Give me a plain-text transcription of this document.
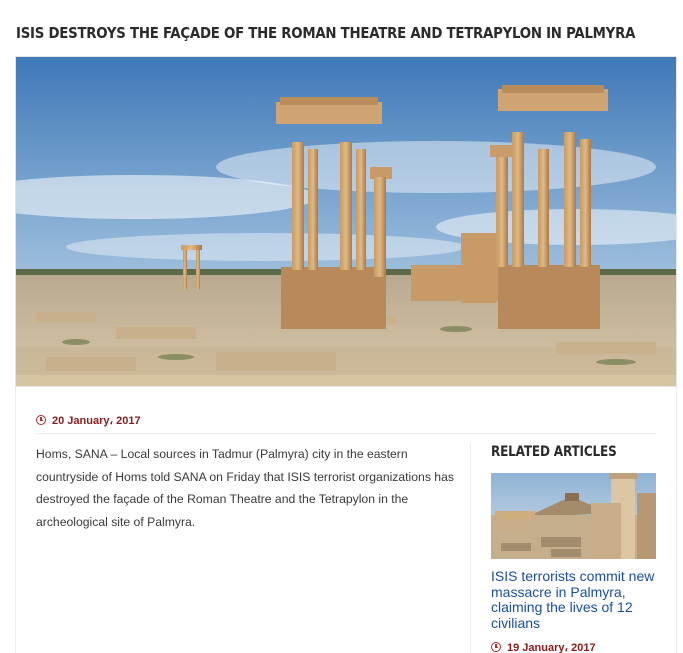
ISIS DESTROYS THE FAÇADE OF THE ROMAN THEATRE AND TETRAPYLON IN PALMYRA
20 January، 2017

Homs, SANA – Local sources in Tadmur (Palmyra) city in the eastern countryside of Homs told SANA on Friday that ISIS terrorist organizations has destroyed the façade of the Roman Theatre and the Tetrapylon in the archeological site of Palmyra.

RELATED ARTICLES
ISIS terrorists commit new massacre in Palmyra, claiming the lives of 12 civilians
19 January، 2017
